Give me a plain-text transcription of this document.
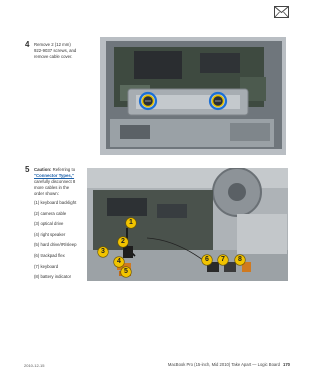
4 Remove 2 (12 mm)
922-9037 screws, and
remove cable cover.
5 Caution: Referring to
"Connector Types,"
carefully disconnect 8
more cables in the
order shown:
(1) keyboard backlight
(2) camera cable
(3) optical drive
(4) right speaker
(5) hard drive/IR/sleep
(6) trackpad flex
(7) keyboard
(8) battery indicator
1
2
3
4
5
6	7	8
2010-12-15	MacBook Pro (15-inch, Mid 2010) Take Apart — Logic Board 170
